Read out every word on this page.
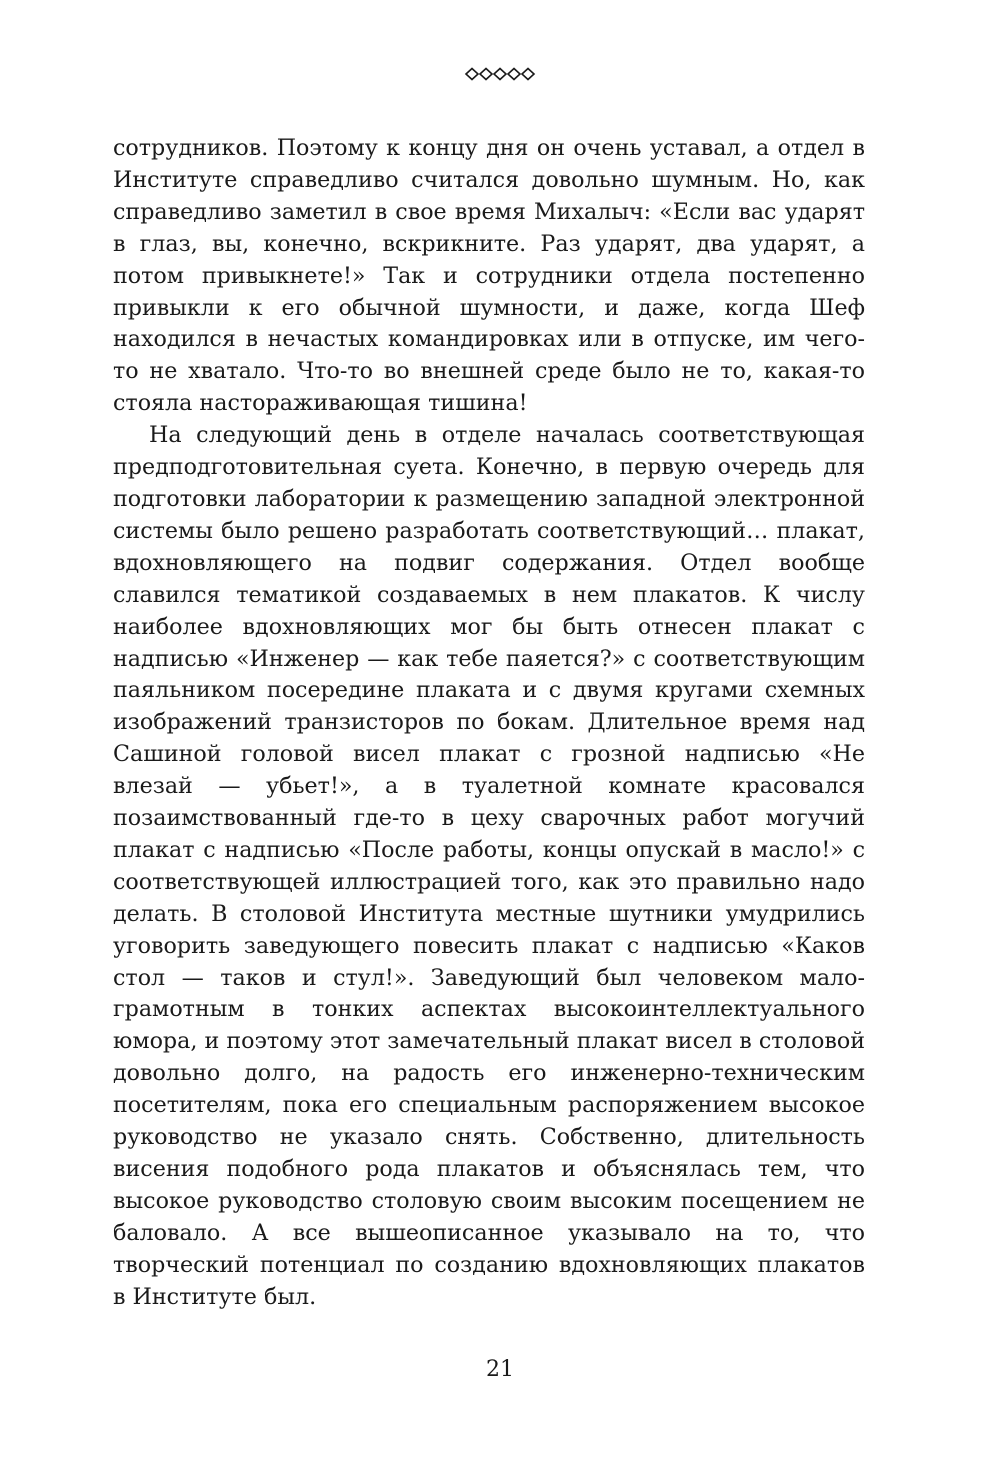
сотрудников. Поэтому к концу дня он очень уставал, а отдел в Институте справедливо считался довольно шумным. Но, как справедливо заметил в свое время Михалыч: «Если вас ударят в глаз, вы, конечно, вскрикните. Раз ударят, два ударят, а потом привыкнете!» Так и сотрудники отдела постепенно привыкли к его обычной шумности, и даже, когда Шеф находился в нечастых командировках или в отпуске, им чего-то не хватало. Что-то во внешней среде было не то, какая-то стояла настораживающая тишина!

На следующий день в отделе началась соответствующая предподготовительная суета. Конечно, в первую очередь для подготовки лаборатории к размещению западной электронной системы было решено разработать соответствующий… плакат, вдохновляющего на подвиг содержания. Отдел вообще славился тематикой создаваемых в нем плакатов. К числу наиболее вдохновляющих мог бы быть отнесен плакат с надписью «Инженер — как тебе паяется?» с соответствующим паяльником посередине плаката и с двумя кругами схемных изображений транзисторов по бокам. Длительное время над Сашиной головой висел плакат с грозной надписью «Не влезай — убьет!», а в туалетной комнате красовался позаимствованный где-то в цеху сварочных работ могучий плакат с надписью «После работы, концы опускай в масло!» с соответствующей иллюстрацией того, как это правильно надо делать. В столовой Института местные шутники умудрились уговорить заведующего повесить плакат с надписью «Каков стол — таков и стул!». Заведующий был человеком малограмотным в тонких аспектах высокоинтеллектуального юмора, и поэтому этот замечательный плакат висел в столовой довольно долго, на радость его инженерно-техническим посетителям, пока его специальным распоряжением высокое руководство не указало снять. Собственно, длительность висения подобного рода плакатов и объяснялась тем, что высокое руководство столовую своим высоким посещением не баловало. А все вышеописанное указывало на то, что творческий потенциал по созданию вдохновляющих плакатов в Институте был.

21
